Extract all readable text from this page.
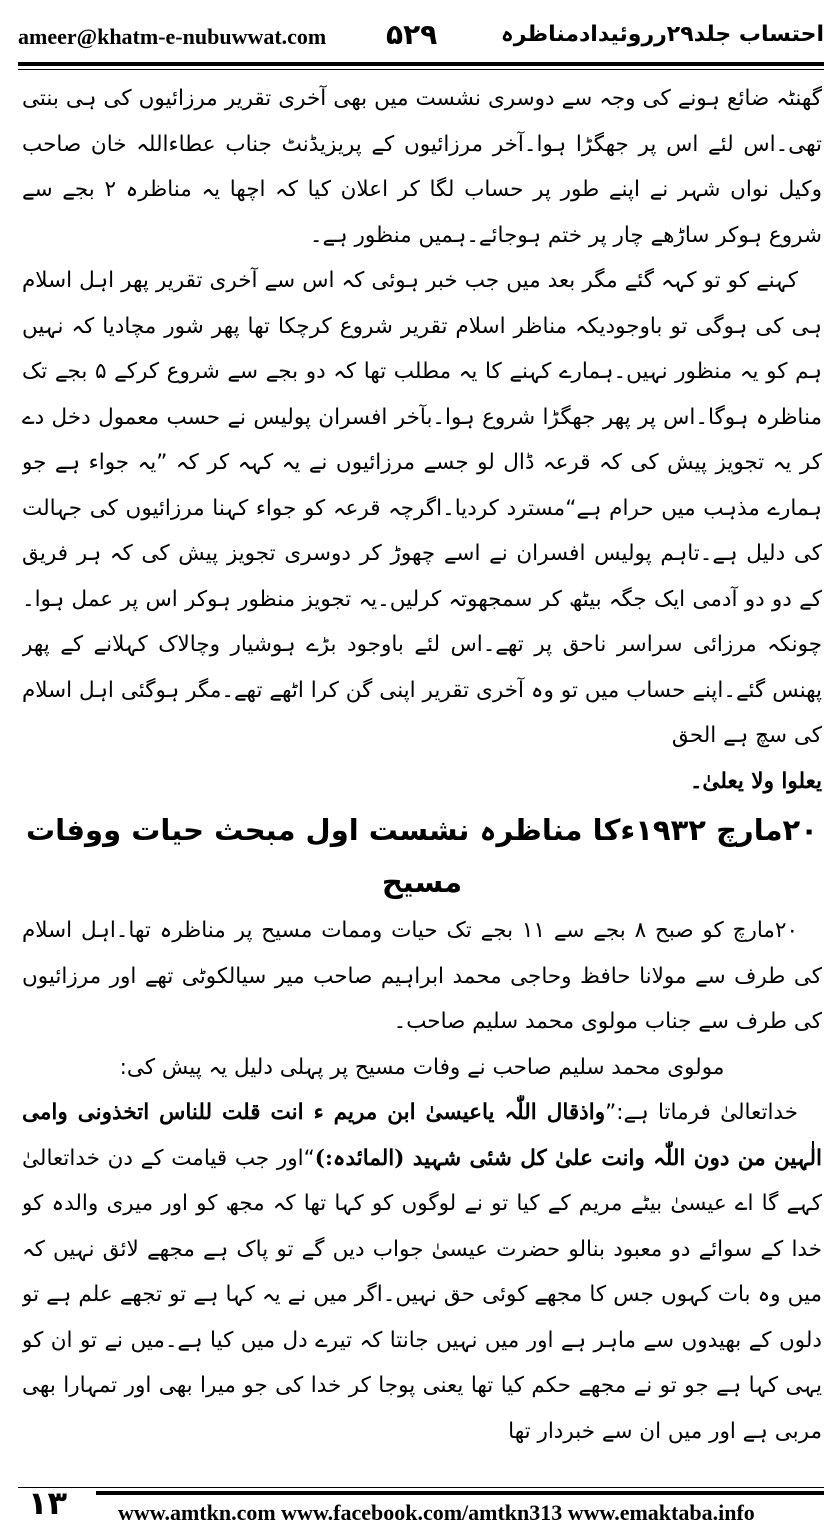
ameer@khatm-e-nubuwwat.com ۵۲۹	احتساب جلد۲۹رروئیدادمناظرہ

گھنٹہ ضائع ہونے کی وجہ سے دوسری نشست میں بھی آخری تقریر مرزائیوں کی ہی بنتی تھی۔اس لئے اس پر جھگڑا ہوا۔آخر مرزائیوں کے پریزیڈنٹ جناب عطاءاللہ خان صاحب وکیل نواں شہر نے اپنے طور پر حساب لگا کر اعلان کیا کہ اچھا یہ مناظرہ ۲ بجے سے شروع ہوکر ساڑھے چار پر ختم ہوجائے۔ہمیں منظور ہے۔

کہنے کو تو کہہ گئے مگر بعد میں جب خبر ہوئی کہ اس سے آخری تقریر پھر اہل اسلام ہی کی ہوگی تو باوجودیکہ مناظر اسلام تقریر شروع کرچکا تھا پھر شور مچادیا کہ نہیں ہم کو یہ منظور نہیں۔ہمارے کہنے کا یہ مطلب تھا کہ دو بجے سے شروع کرکے ۵ بجے تک مناظرہ ہوگا۔اس پر پھر جھگڑا شروع ہوا۔بآخر افسران پولیس نے حسب معمول دخل دے کر یہ تجویز پیش کی کہ قرعہ ڈال لو جسے مرزائیوں نے یہ کہہ کر کہ ”یہ جواء ہے جو ہمارے مذہب میں حرام ہے“مسترد کردیا۔اگرچہ قرعہ کو جواء کہنا مرزائیوں کی جہالت کی دلیل ہے۔تاہم پولیس افسران نے اسے چھوڑ کر دوسری تجویز پیش کی کہ ہر فریق کے دو دو آدمی ایک جگہ بیٹھ کر سمجھوتہ کرلیں۔یہ تجویز منظور ہوکر اس پر عمل ہوا۔چونکہ مرزائی سراسر ناحق پر تھے۔اس لئے باوجود بڑے ہوشیار وچالاک کہلانے کے پھر پھنس گئے۔اپنے حساب میں تو وہ آخری تقریر اپنی گن کرا اٹھے تھے۔مگر ہوگئی اہل اسلام کی سچ ہے الحق

یعلوا ولا یعلیٰ۔

۲۰مارچ ۱۹۳۲ءکا مناظرہ نشست اول مبحث حیات ووفات مسیح

۲۰مارچ کو صبح ۸ بجے سے ۱۱ بجے تک حیات وممات مسیح پر مناظرہ تھا۔اہل اسلام کی طرف سے مولانا حافظ وحاجی محمد ابراہیم صاحب میر سیالکوٹی تھے اور مرزائیوں کی طرف سے جناب مولوی محمد سلیم صاحب۔

مولوی محمد سلیم صاحب نے وفات مسیح پر پہلی دلیل یہ پیش کی:

خداتعالیٰ فرماتا ہے:”واذقال اللّٰہ یاعیسیٰ ابن مریم ء انت قلت للناس اتخذونی وامی الٰہین من دون اللّٰہ وانت علیٰ کل شئی شہید (المائدہ:)“اور جب قیامت کے دن خداتعالیٰ کہے گا اے عیسیٰ بیٹے مریم کے کیا تو نے لوگوں کو کہا تھا کہ مجھ کو اور میری والدہ کو خدا کے سوائے دو معبود بنالو حضرت عیسیٰ جواب دیں گے تو پاک ہے مجھے لائق نہیں کہ میں وہ بات کہوں جس کا مجھے کوئی حق نہیں۔اگر میں نے یہ کہا ہے تو تجھے علم ہے تو دلوں کے بھیدوں سے ماہر ہے اور میں نہیں جانتا کہ تیرے دل میں کیا ہے۔میں نے تو ان کو یہی کہا ہے جو تو نے مجھے حکم کیا تھا یعنی پوجا کر خدا کی جو میرا بھی اور تمہارا بھی مربی ہے اور میں ان سے خبردار تھا

۱۳ www.amtkn.com www.facebook.com/amtkn313 www.emaktaba.info
